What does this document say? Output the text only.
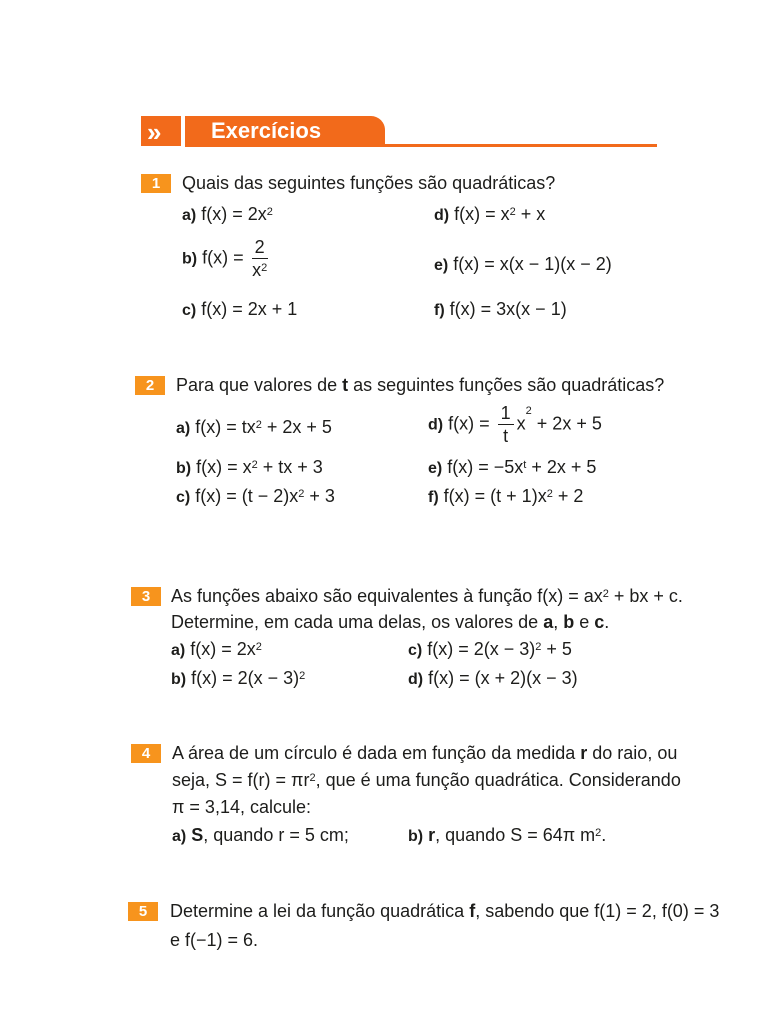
»	Exercícios
1	Quais das seguintes funções são quadráticas?
a) $f(x) = 2x^2$	d) $f(x) = x^2 + x$
b) $f(x) = \frac{2}{x^2}$	e) f(x) = x(x − 1)(x − 2)
c) f(x) = 2x + 1	f) f(x) = 3x(x − 1)
2	Para que valores de t as seguintes funções são quadráticas?
a) $f(x) = tx^2 + 2x + 5$	d) $f(x) = \frac{1}{t} x^2 + 2x + 5$
b) $f(x) = x^2$ + tx + 3	e) $f(x) = -5x^t + 2x + 5$
c) $f(x) = (t - 2)x^2 + 3$	f) $f(x) = (t + 1)x^2 + 2$
3	As funções abaixo são equivalentes à função $f(x) = ax^2$ + bx + c.
Determine, em cada uma delas, os valores de a, b e c.
a) $f(x) = 2x^2$	c) $f(x) = 2(x - 3)^2 + 5$
b) $f(x) = 2(x - 3)^2$	d) f(x) = (x + 2)(x − 3)
4	A área de um círculo é dada em função da medida r do raio, ou
seja, $S = f(r) = \pi r^2$, que é uma função quadrática. Considerando
π = 3,14, calcule:
a) S, quando r = 5 cm;	b) r, quando S = 64π $m^2$.
5	Determine a lei da função quadrática f, sabendo que f(1) = 2, f(0) = 3
e f(−1) = 6.
